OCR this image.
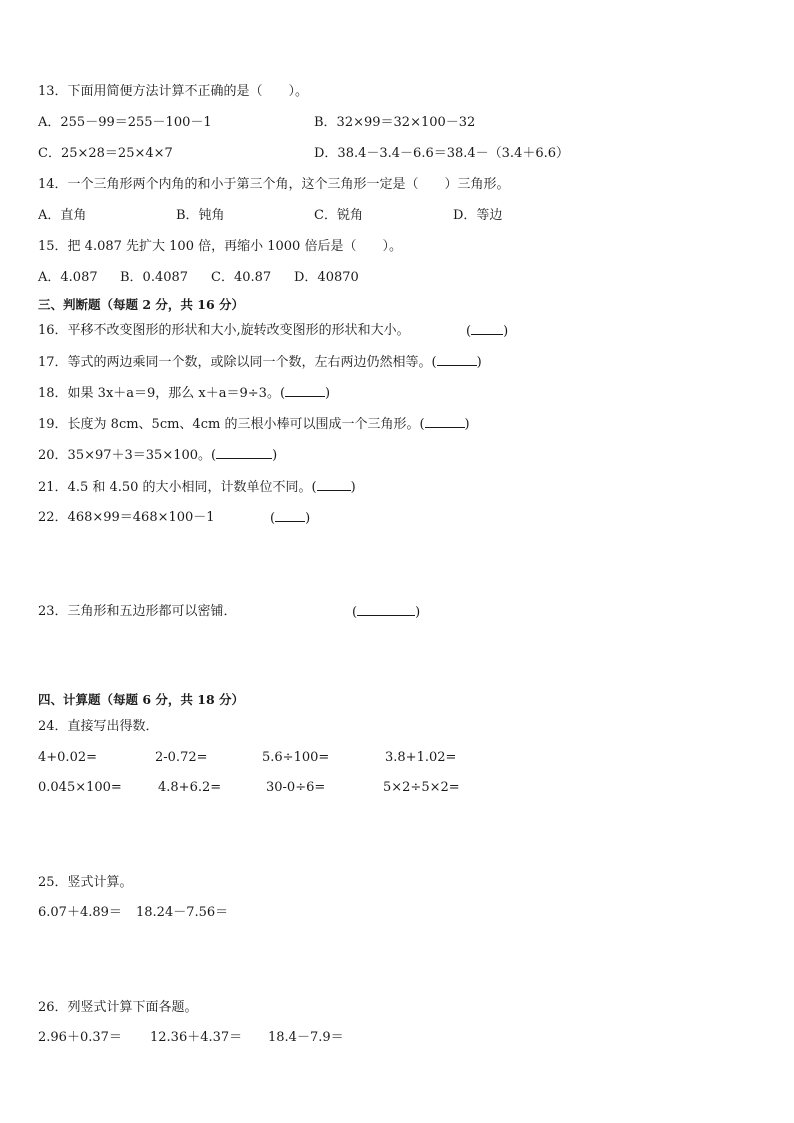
13．下面用简便方法计算不正确的是（　　）。
A．255－99＝255－100－1	B．32×99＝32×100－32
C．25×28＝25×4×7	D．38.4－3.4－6.6＝38.4－（3.4＋6.6）
14．一个三角形两个内角的和小于第三个角，这个三角形一定是（　　）三角形。
A．直角	B．钝角	C．锐角	D．等边
15．把 4.087 先扩大 100 倍，再缩小 1000 倍后是（　　）。
A．4.087 B．0.4087 C．40.87 D．40870
三、判断题（每题 2 分，共 16 分）
16．平移不改变图形的形状和大小,旋转改变图形的形状和大小。	( )
17．等式的两边乘同一个数，或除以同一个数，左右两边仍然相等。(	)
18．如果 3x＋a＝9，那么 x＋a＝9÷3。(	)
19．长度为 8cm、5cm、4cm 的三根小棒可以围成一个三角形。(	)
20．35×97＋3＝35×100。(	)
21．4.5 和 4.50 的大小相同，计数单位不同。(	)
22．468×99＝468×100－1	( )
23．三角形和五边形都可以密铺．	(	)
四、计算题（每题 6 分，共 18 分）
24．直接写出得数．
4+0.02=	2-0.72=	5.6÷100=	3.8+1.02=
0.045×100=	4.8+6.2=	30-0÷6=	5×2÷5×2=
25．竖式计算。
6.07＋4.89＝ 18.24－7.56＝
26．列竖式计算下面各题。
2.96＋0.37＝ 12.36＋4.37＝ 18.4－7.9＝
